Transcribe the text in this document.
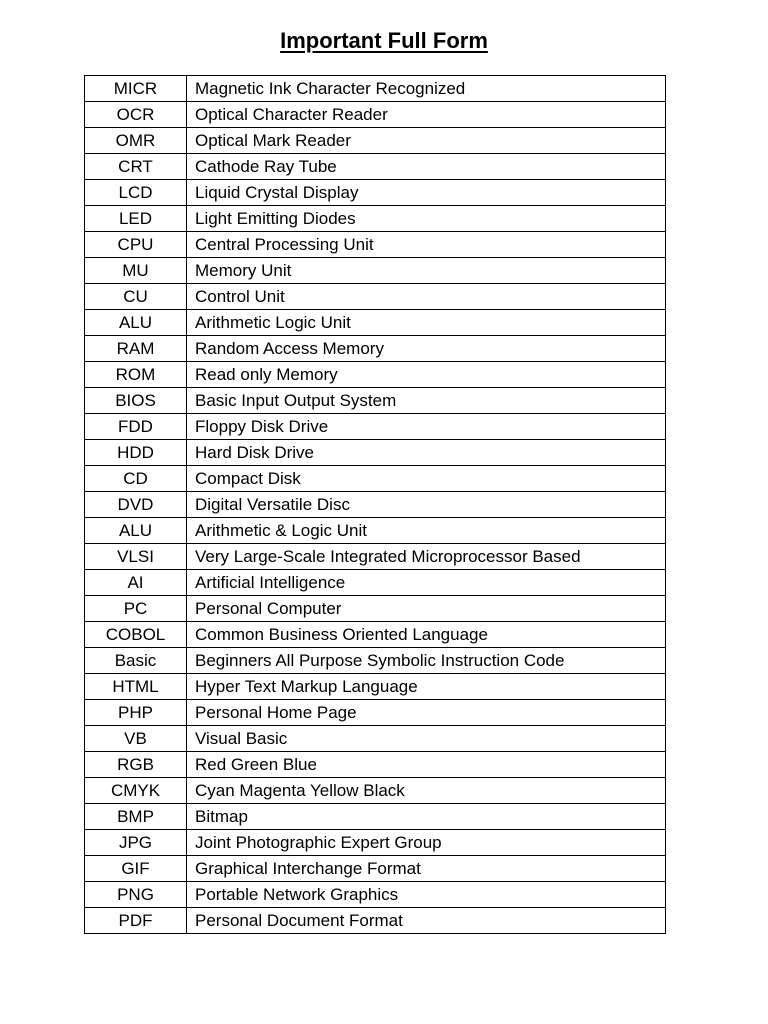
Important Full Form
MICR	Magnetic Ink Character Recognized
OCR	Optical Character Reader
OMR	Optical Mark Reader
CRT	Cathode Ray Tube
LCD	Liquid Crystal Display
LED	Light Emitting Diodes
CPU	Central Processing Unit
MU	Memory Unit
CU	Control Unit
ALU	Arithmetic Logic Unit
RAM	Random Access Memory
ROM	Read only Memory
BIOS	Basic Input Output System
FDD	Floppy Disk Drive
HDD	Hard Disk Drive
CD	Compact Disk
DVD	Digital Versatile Disc
ALU	Arithmetic & Logic Unit
VLSI	Very Large-Scale Integrated Microprocessor Based
AI	Artificial Intelligence
PC	Personal Computer
COBOL	Common Business Oriented Language
Basic	Beginners All Purpose Symbolic Instruction Code
HTML	Hyper Text Markup Language
PHP	Personal Home Page
VB	Visual Basic
RGB	Red Green Blue
CMYK	Cyan Magenta Yellow Black
BMP	Bitmap
JPG	Joint Photographic Expert Group
GIF	Graphical Interchange Format
PNG	Portable Network Graphics
PDF	Personal Document Format
